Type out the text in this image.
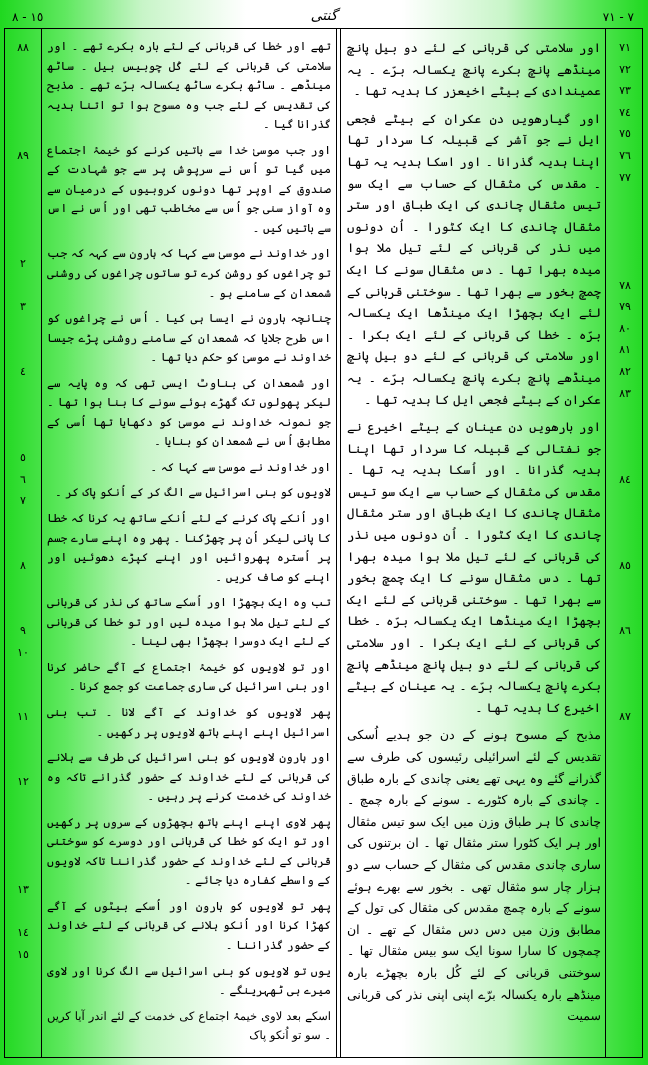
١٥ - ٨	گنتی	٧ - ٧١
٧١
٧٢
٧٣
٧٤
٧٥
٧٦
٧٧
٧٨
٧٩
٨٠
٨١
٨٢
٨٣
٨٤
٨٥
٨٦
٨٧

اور سلامتی کی قربانی کے لئے دو بیل پانچ مینڈھے پانچ بکرے پانچ یکسالہ برّے ۔ یہ عمیندادی کے بیٹے اخیعزر کا ہدیہ تھا ۔

اور گیارھویں دن عکران کے بیٹے فجعی ایل نے جو آشر کے قبیلہ کا سردار تھا اپنا ہدیہ گذرانا ۔ اور اسکا ہدیہ یہ تھا ۔ مقدس کی مثقال کے حساب سے ایک سو تیس مثقال چاندی کی ایک طباق اور ستر مثقال چاندی کا ایک کٹورا ۔ اُن دونوں میں نذر کی قربانی کے لئے تیل ملا ہوا میدہ بھرا تھا ۔ دس مثقال سونے کا ایک چمچ بخور سے بھرا تھا ۔ سوختنی قربانی کے لئے ایک بچھڑا ایک مینڈھا ایک یکسالہ برّہ ۔ خطا کی قربانی کے لئے ایک بکرا ۔ اور سلامتی کی قربانی کے لئے دو بیل پانچ مینڈھے پانچ بکرے پانچ یکسالہ برّے ۔ یہ عکران کے بیٹے فجعی ایل کا ہدیہ تھا ۔

اور بارھویں دن عینان کے بیٹے اخیرع نے جو نفتالی کے قبیلہ کا سردار تھا اپنا ہدیہ گذرانا ۔ اور اُسکا ہدیہ یہ تھا ۔ مقدس کی مثقال کے حساب سے ایک سو تیس مثقال چاندی کا ایک طباق اور ستر مثقال چاندی کا ایک کٹورا ۔ اُن دونوں میں نذر کی قربانی کے لئے تیل ملا ہوا میدہ بھرا تھا ۔ دس مثقال سونے کا ایک چمچ بخور سے بھرا تھا ۔ سوختنی قربانی کے لئے ایک بچھڑا ایک مینڈھا ایک یکسالہ برّہ ۔ خطا کی قربانی کے لئے ایک بکرا ۔ اور سلامتی کی قربانی کے لئے دو بیل پانچ مینڈھے پانچ بکرے پانچ یکسالہ برّے ۔ یہ عینان کے بیٹے اخیرع کا ہدیہ تھا ۔

مذبح کے مسوح ہونے کے دن جو ہدیے اُسکی تقدیس کے لئے اسرائیلی رئیسوں کی طرف سے گذرانے گئے وہ یہی تھے یعنی چاندی کے بارہ طباق ۔ چاندی کے بارہ کٹورے ۔ سونے کے بارہ چمچ ۔ چاندی کا ہر طباق وزن میں ایک سو تیس مثقال اور ہر ایک کٹورا ستر مثقال تھا ۔ ان برتنوں کی ساری چاندی مقدس کی مثقال کے حساب سے دو ہزار چار سو مثقال تھی ۔ بخور سے بھرے ہوئے سونے کے بارہ چمچ مقدس کی مثقال کی تول کے مطابق وزن میں دس دس مثقال کے تھے ۔ ان چمچوں کا سارا سونا ایک سو بیس مثقال تھا ۔ سوختنی قربانی کے لئے کُل بارہ بچھڑے بارہ مینڈھے بارہ یکسالہ برّے اپنی اپنی نذر کی قربانی سمیت

٨٨
٨٩
٢
٣
٤
٥
٦
٧
٨
٩
١٠
١١
١٢
١٣
١٤
١٥

تھے اور خطا کی قربانی کے لئے بارہ بکرے تھے ۔ اور سلامتی کی قربانی کے لئے کُل چوبیس بیل ۔ ساٹھ مینڈھے ۔ ساٹھ بکرے ساٹھ یکسالہ برّے تھے ۔ مذبح کی تقدیس کے لئے جب وہ مسوح ہوا تو اتنا ہدیہ گذرانا گیا ۔

اور جب موسیٰ خدا سے باتیں کرنے کو خیمۂ اجتماع میں گیا تو اُس نے سرپوش پر سے جو شہادت کے صندوق کے اوپر تھا دونوں کروبیوں کے درمیان سے وہ آواز سنی جو اُس سے مخاطب تھی اور اُس نے اس سے باتیں کیں ۔

اور خداوند نے موسیٰ سے کہا کہ ہارون سے کہہ کہ جب تو چراغوں کو روشن کرے تو ساتوں چراغوں کی روشنی شمعدان کے سامنے ہو ۔

چنانچہ ہارون نے ایسا ہی کیا ۔ اُس نے چراغوں کو اس طرح جلایا کہ شمعدان کے سامنے روشنی پڑے جیسا خداوند نے موسیٰ کو حکم دیا تھا ۔

اور شمعدان کی بناوٹ ایسی تھی کہ وہ پایہ سے لیکر پھولوں تک گھڑے ہوئے سونے کا بنا ہوا تھا ۔ جو نمونہ خداوند نے موسیٰ کو دکھایا تھا اُسی کے مطابق اُس نے شمعدان کو بنایا ۔

اور خداوند نے موسیٰ سے کہا کہ ۔

لاویوں کو بنی اسرائیل سے الگ کر کے اُنکو پاک کر ۔

اور اُنکے پاک کرنے کے لئے اُنکے ساتھ یہ کرنا کہ خطا کا پانی لیکر اُن پر چھڑکنا ۔ پھر وہ اپنے سارے جسم پر اُسترہ پھروائیں اور اپنے کپڑے دھوئیں اور اپنے کو صاف کریں ۔

تب وہ ایک بچھڑا اور اُسکے ساتھ کی نذر کی قربانی کے لئے تیل ملا ہوا میدہ لیں اور تو خطا کی قربانی کے لئے ایک دوسرا بچھڑا بھی لینا ۔

اور تو لاویوں کو خیمۂ اجتماع کے آگے حاضر کرنا اور بنی اسرائیل کی ساری جماعت کو جمع کرنا ۔

پھر لاویوں کو خداوند کے آگے لانا ۔ تب بنی اسرائیل اپنے اپنے ہاتھ لاویوں پر رکھیں ۔

اور ہارون لاویوں کو بنی اسرائیل کی طرف سے ہلانے کی قربانی کے لئے خداوند کے حضور گذرانے تاکہ وہ خداوند کی خدمت کرنے پر رہیں ۔

پھر لاوی اپنے اپنے ہاتھ بچھڑوں کے سروں پر رکھیں اور تو ایک کو خطا کی قربانی اور دوسرے کو سوختنی قربانی کے لئے خداوند کے حضور گذراننا تاکہ لاویوں کے واسطے کفارہ دیا جائے ۔

پھر تو لاویوں کو ہارون اور اُسکے بیٹوں کے آگے کھڑا کرنا اور اُنکو ہلانے کی قربانی کے لئے خداوند کے حضور گذراننا ۔

یوں تو لاویوں کو بنی اسرائیل سے الگ کرنا اور لاوی میرے ہی ٹھہرینگے ۔

اسکے بعد لاوی خیمۂ اجتماع کی خدمت کے لئے اندر آیا کریں ۔ سو تو اُنکو پاک
